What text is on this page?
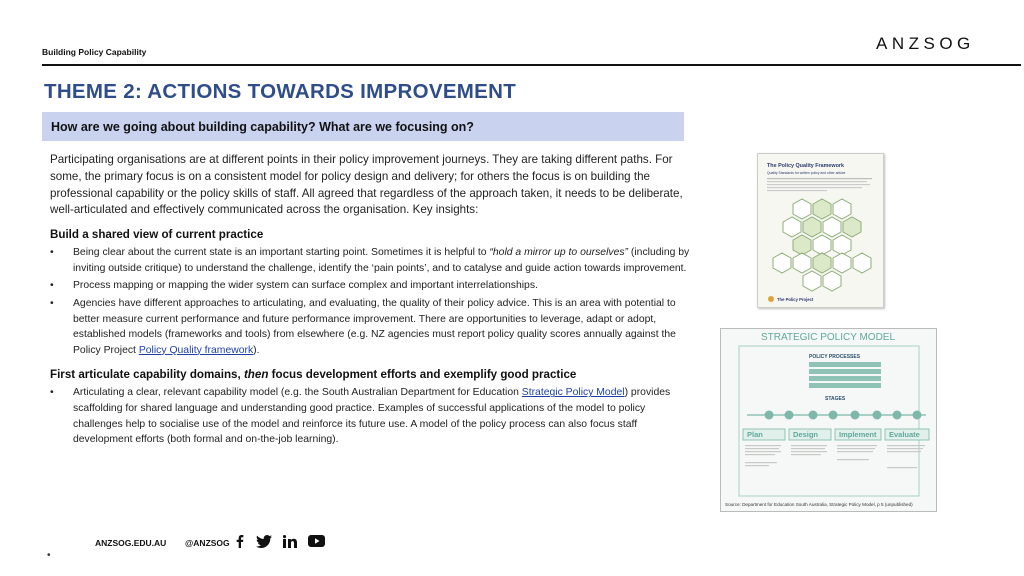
Building Policy Capability	ANZSOG
THEME 2: ACTIONS TOWARDS IMPROVEMENT
How are we going about building capability? What are we focusing on?

Participating organisations are at different points in their policy improvement journeys. They are taking different paths. For some, the primary focus is on a consistent model for policy design and delivery; for others the focus is on building the professional capability or the policy skills of staff. All agreed that regardless of the approach taken, it needs to be deliberate, well-articulated and effectively communicated across the organisation. Key insights:

Build a shared view of current practice
• Being clear about the current state is an important starting point. Sometimes it is helpful to “hold a mirror up to ourselves” (including by inviting outside critique) to understand the challenge, identify the ‘pain points’, and to catalyse and guide action towards improvement.
• Process mapping or mapping the wider system can surface complex and important interrelationships.
• Agencies have different approaches to articulating, and evaluating, the quality of their policy advice. This is an area with potential to better measure current performance and future performance improvement. There are opportunities to leverage, adapt or adopt, established models (frameworks and tools) from elsewhere (e.g. NZ agencies must report policy quality scores annually against the Policy Project Policy Quality framework).
First articulate capability domains, then focus development efforts and exemplify good practice
• Articulating a clear, relevant capability model (e.g. the South Australian Department for Education Strategic Policy Model) provides scaffolding for shared language and understanding good practice. Examples of successful applications of the model to policy challenges help to socialise use of the model and reinforce its future use. A model of the policy process can also focus staff development efforts (both formal and on-the-job learning).
The Policy Quality Framework
Quality Standards for written policy and other advice
The Policy Project
STRATEGIC POLICY MODEL
POLICY PROCESSES
STAGES
Plan	Design	Implement Evaluate
Source: Department for Education South Australia, Strategic Policy Model, p 5 (unpublished)
ANZSOG.EDU.AU @ANZSOG
•
